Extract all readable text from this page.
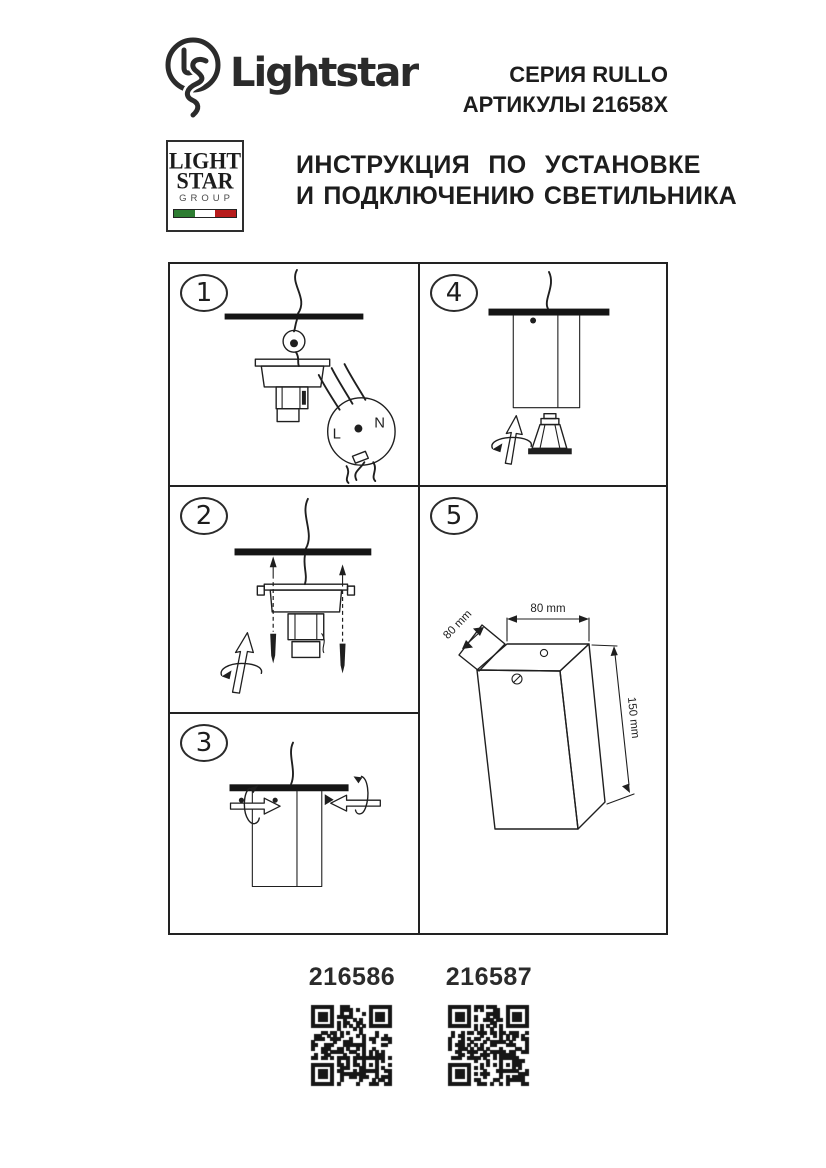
Lightstar	СЕРИЯ RULLO
АРТИКУЛЫ 21658X
LIGHT
STAR
GROUP
ИНСТРУКЦИЯ ПО УСТАНОВКЕ
И ПОДКЛЮЧЕНИЮ СВЕТИЛЬНИКА
1
L
N
2
3
4
5
80 mm
80 mm
150 mm
216586	216587
